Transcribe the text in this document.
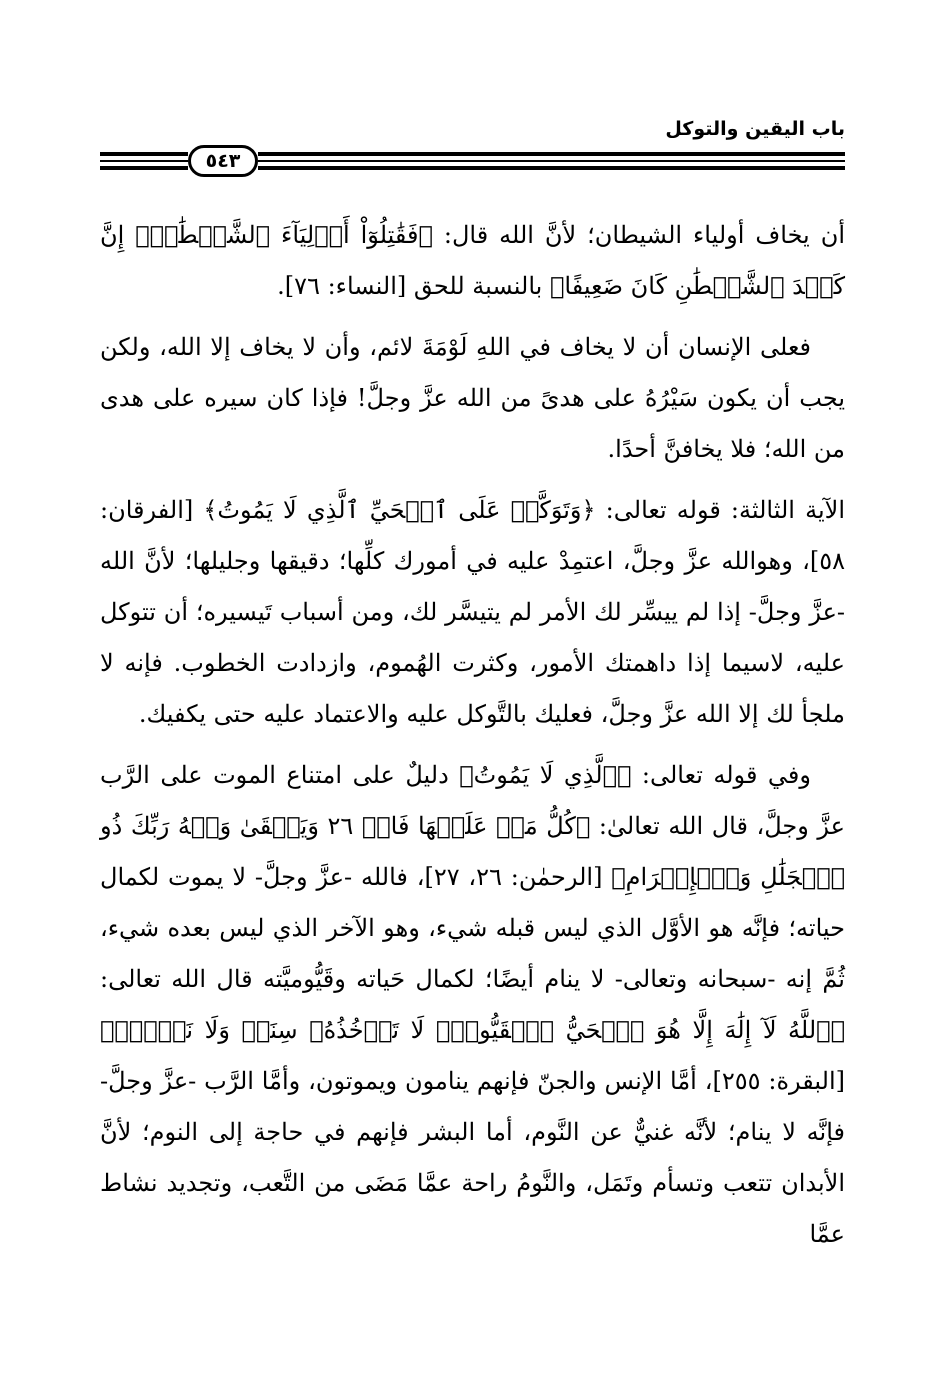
باب اليقين والتوكل
٥٤٣

أن يخاف أولياء الشيطان؛ لأنَّ الله قال: ﴿فَقَٰتِلُوٓاْ أَوۡلِيَآءَ ٱلشَّيۡطَٰنِۖ إِنَّ كَيۡدَ ٱلشَّيۡطَٰنِ كَانَ ضَعِيفًا﴾ بالنسبة للحق [النساء: ٧٦].

فعلى الإنسان أن لا يخاف في اللهِ لَوْمَةَ لائم، وأن لا يخاف إلا الله، ولكن يجب أن يكون سَيْرُهُ على هدىً من الله عزَّ وجلَّ! فإذا كان سيره على هدى من الله؛ فلا يخافنَّ أحدًا.

الآية الثالثة: قوله تعالى: ﴿وَتَوَكَّلۡ عَلَى ٱلۡحَيِّ ٱلَّذِي لَا يَمُوتُ﴾ [الفرقان: ٥٨]، وهوالله عزَّ وجلَّ، اعتمِدْ عليه في أمورك كلِّها؛ دقيقها وجليلها؛ لأنَّ الله -عزَّ وجلَّ- إذا لم ييسِّر لك الأمر لم يتيسَّر لك، ومن أسباب تَيسيره؛ أن تتوكل عليه، لاسيما إذا داهمتك الأمور، وكثرت الهُموم، وازدادت الخطوب. فإنه لا ملجأ لك إلا الله عزَّ وجلَّ، فعليك بالتَّوكل عليه والاعتماد عليه حتى يكفيك.

وفي قوله تعالى: ﴿ٱلَّذِي لَا يَمُوتُ﴾ دليلٌ على امتناع الموت على الرَّب عزَّ وجلَّ، قال الله تعالىٰ: ﴿كُلُّ مَنۡ عَلَيۡهَا فَانٖ ٢٦ وَيَبۡقَىٰ وَجۡهُ رَبِّكَ ذُو ٱلۡجَلَٰلِ وَٱلۡإِكۡرَامِ﴾ [الرحمٰن: ٢٦، ٢٧]، فالله -عزَّ وجلَّ- لا يموت لكمال حياته؛ فإنَّه هو الأوَّل الذي ليس قبله شيء، وهو الآخر الذي ليس بعده شيء، ثُمَّ إنه -سبحانه وتعالى- لا ينام أيضًا؛ لكمال حَياته وقَيُّوميَّته قال الله تعالى: ﴿ٱللَّهُ لَآ إِلَٰهَ إِلَّا هُوَ ٱلۡحَيُّ ٱلۡقَيُّومُۚ لَا تَأۡخُذُهُۥ سِنَةٞ وَلَا نَوۡمٞۚ﴾ [البقرة: ٢٥٥]، أمَّا الإنس والجنّ فإنهم ينامون ويموتون، وأمَّا الرَّب -عزَّ وجلَّ- فإنَّه لا ينام؛ لأنَّه غنيٌّ عن النَّوم، أما البشر فإنهم في حاجة إلى النوم؛ لأنَّ الأبدان تتعب وتسأم وتَمَل، والنَّومُ راحة عمَّا مَضَى من التَّعب، وتجديد نشاط عمَّا
